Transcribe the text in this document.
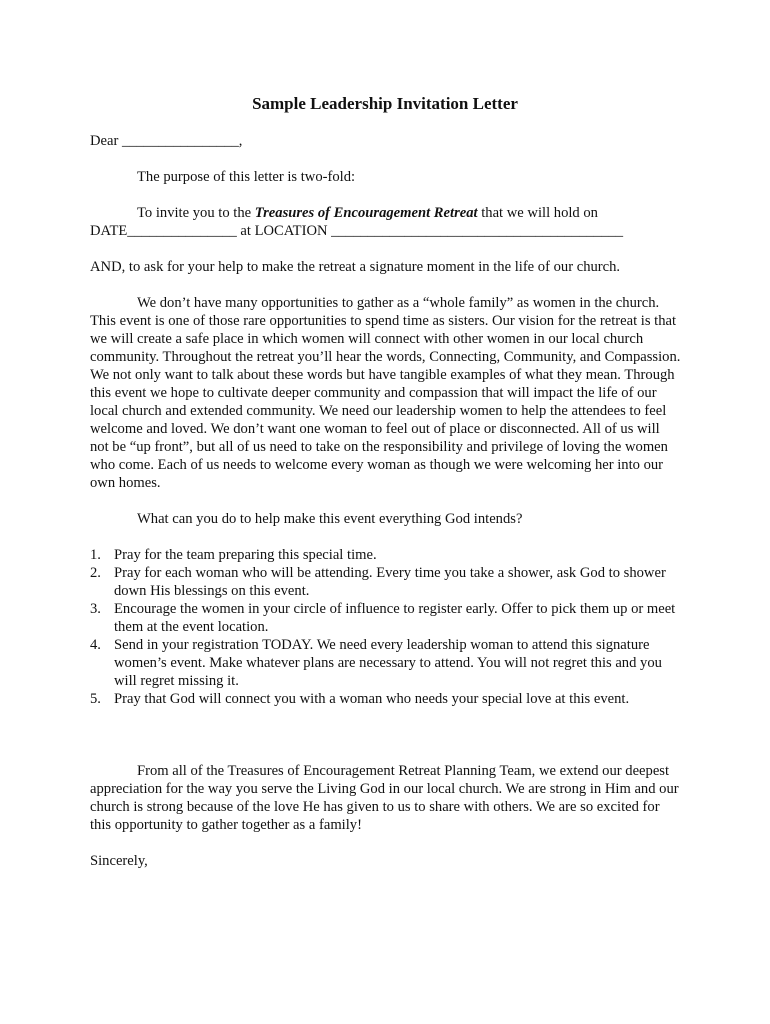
Sample Leadership Invitation Letter

Dear ________________,

The purpose of this letter is two-fold:

To invite you to the Treasures of Encouragement Retreat that we will hold on
DATE_______________ at LOCATION ________________________________________

AND, to ask for your help to make the retreat a signature moment in the life of our church.

We don’t have many opportunities to gather as a “whole family” as women in the church. This event is one of those rare opportunities to spend time as sisters. Our vision for the retreat is that we will create a safe place in which women will connect with other women in our local church community. Throughout the retreat you’ll hear the words, Connecting, Community, and Compassion. We not only want to talk about these words but have tangible examples of what they mean. Through this event we hope to cultivate deeper community and compassion that will impact the life of our local church and extended community. We need our leadership women to help the attendees to feel welcome and loved. We don’t want one woman to feel out of place or disconnected. All of us will not be “up front”, but all of us need to take on the responsibility and privilege of loving the women who come. Each of us needs to welcome every woman as though we were welcoming her into our own homes.

What can you do to help make this event everything God intends?

1. Pray for the team preparing this special time.
2. Pray for each woman who will be attending. Every time you take a shower, ask God to shower down His blessings on this event.
3. Encourage the women in your circle of influence to register early. Offer to pick them up or meet them at the event location.
4. Send in your registration TODAY. We need every leadership woman to attend this signature women’s event. Make whatever plans are necessary to attend. You will not regret this and you will regret missing it.
5. Pray that God will connect you with a woman who needs your special love at this event.

From all of the Treasures of Encouragement Retreat Planning Team, we extend our deepest appreciation for the way you serve the Living God in our local church. We are strong in Him and our church is strong because of the love He has given to us to share with others. We are so excited for this opportunity to gather together as a family!

Sincerely,
